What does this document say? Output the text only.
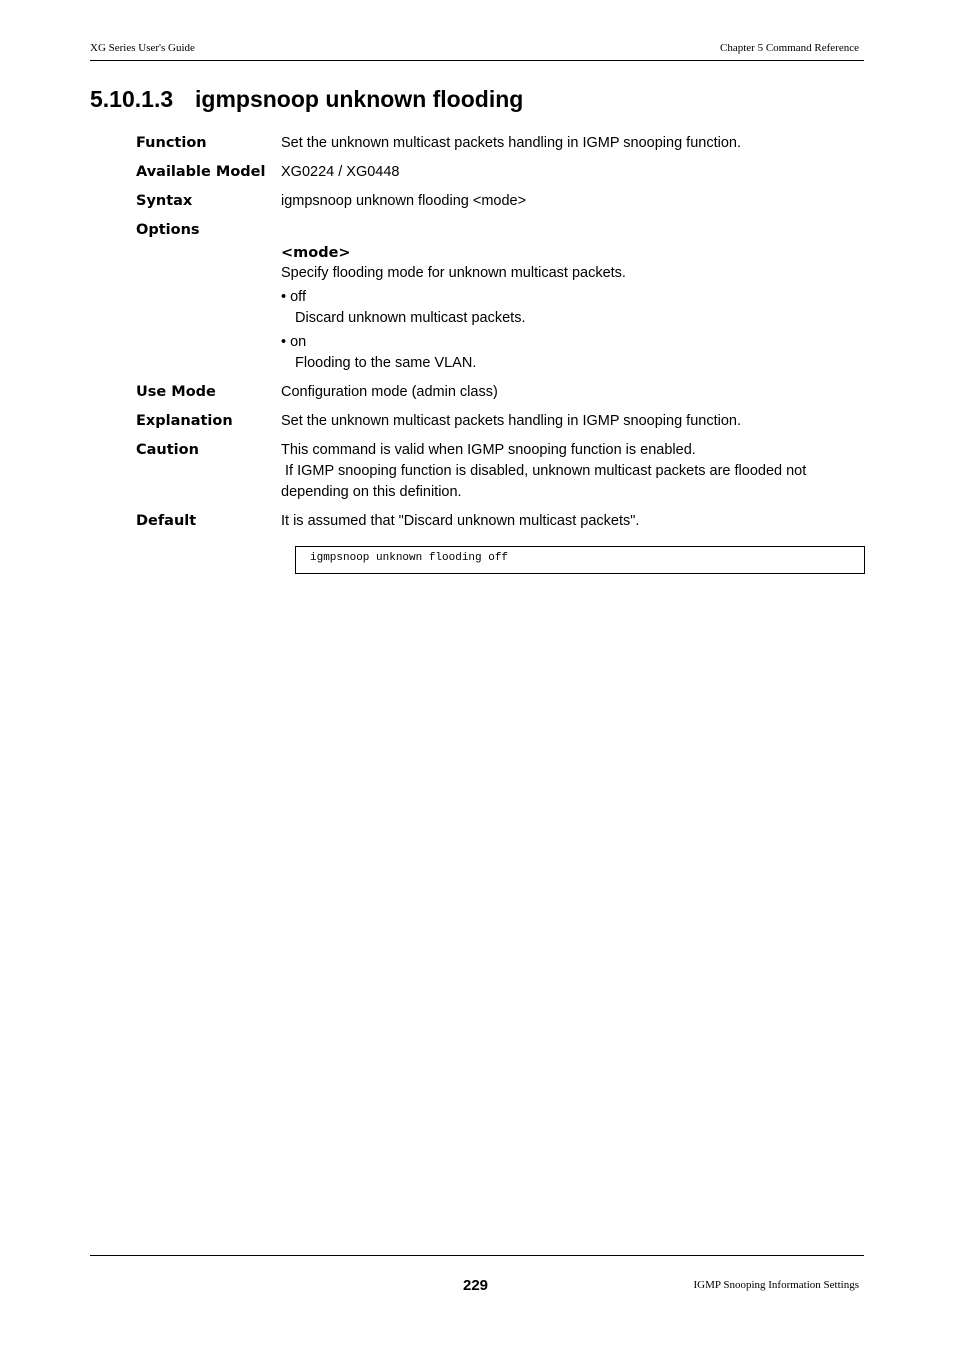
XG Series User's Guide	Chapter 5 Command Reference
5.10.1.3 igmpsnoop unknown flooding
Function	Set the unknown multicast packets handling in IGMP snooping function.
Available Model	XG0224 / XG0448
Syntax	igmpsnoop unknown flooding <mode>
Options
<mode>
Specify flooding mode for unknown multicast packets.
• off
Discard unknown multicast packets.
• on
Flooding to the same VLAN.
Use Mode	Configuration mode (admin class)
Explanation	Set the unknown multicast packets handling in IGMP snooping function.
Caution	This command is valid when IGMP snooping function is enabled.
If IGMP snooping function is disabled, unknown multicast packets are flooded not depending on this definition.
Default	It is assumed that "Discard unknown multicast packets".
igmpsnoop unknown flooding off
229	IGMP Snooping Information Settings
